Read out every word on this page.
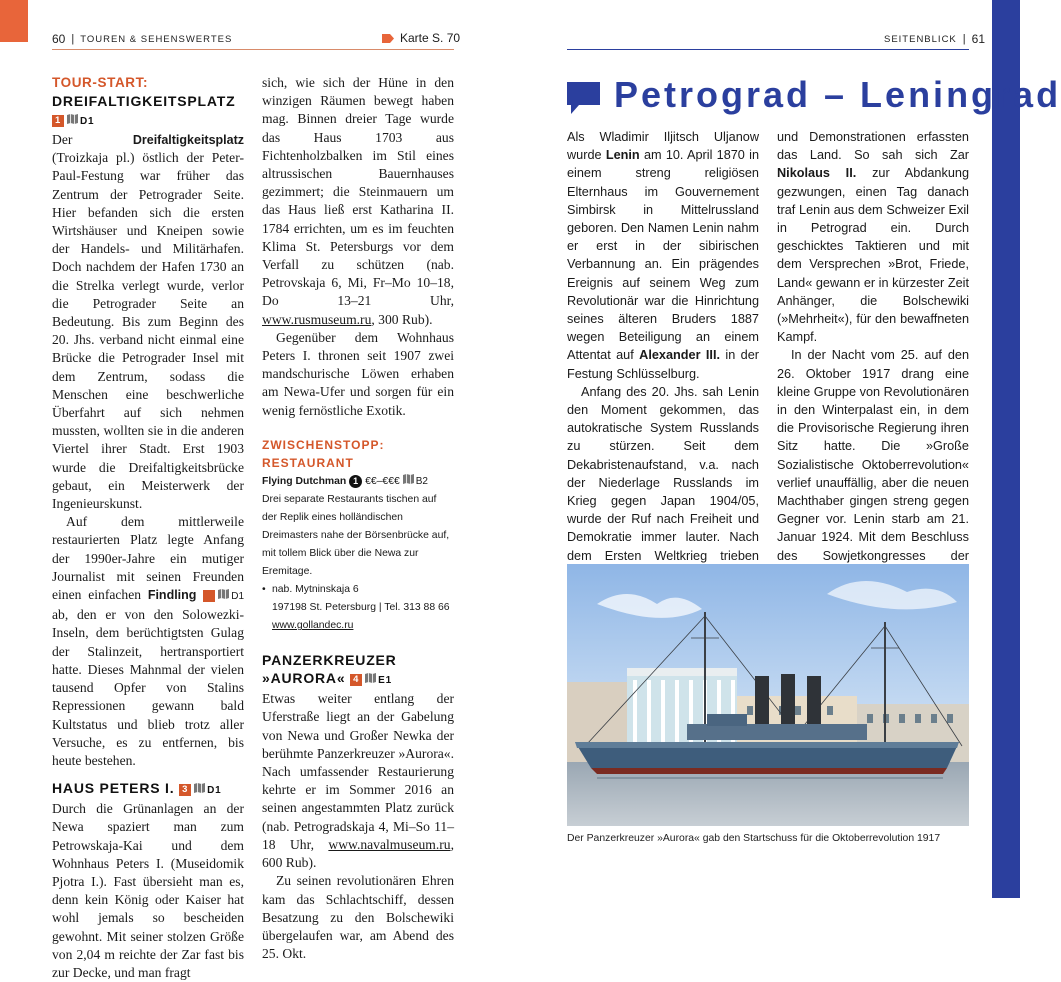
60 | TOUREN & SEHENSWERTES	Karte S. 70	SEITENBLICK | 61
TOUR-START:
DREIFALTIGKEITSPLATZ 1 D1

Der	Dreifaltigkeitsplatz (Troizkaja pl.) östlich der Peter-Paul-Festung war früher das Zentrum der Petrograder Seite. Hier befanden sich die ersten Wirtshäuser und Kneipen sowie der Handels- und Militärhafen. Doch nachdem der Hafen 1730 an die Strelka verlegt wurde, verlor die Petrograder Seite an Bedeutung. Bis zum Beginn des 20. Jhs. verband nicht einmal eine Brücke die Petrograder Insel mit dem Zentrum, sodass die Menschen eine beschwerliche Überfahrt auf sich nehmen mussten, wollten sie in die anderen Viertel ihrer Stadt. Erst 1903 wurde die Dreifaltigkeitsbrücke gebaut, ein Meisterwerk der Ingenieurskunst.

Auf dem mittlerweile restaurierten Platz legte Anfang der 1990er-Jahre ein mutiger Journalist mit seinen Freunden einen einfachen Findling	D1 ab, den er von den Solowezki-Inseln, dem berüchtigtsten Gulag der Stalinzeit, hertransportiert hatte. Dieses Mahnmal der vielen tausend Opfer von Stalins Repressionen gewann bald Kultstatus und blieb trotz aller Versuche, es zu entfernen, bis heute bestehen.

HAUS PETERS I. 3 D1

Durch die Grünanlagen an der Newa spaziert man zum Petrowskaja-Kai und dem Wohnhaus Peters I. (Museidomik Pjotra I.). Fast übersieht man es, denn kein König oder Kaiser hat wohl jemals so bescheiden gewohnt. Mit seiner stolzen Größe von 2,04 m reichte der Zar fast bis zur Decke, und man fragt

sich, wie sich der Hüne in den winzigen Räumen bewegt haben mag. Binnen dreier Tage wurde das Haus 1703 aus Fichtenholzbalken im Stil eines altrussischen Bauernhauses gezimmert; die Steinmauern um das Haus ließ erst Katharina II. 1784 errichten, um es im feuchten Klima St. Petersburgs vor dem Verfall zu schützen (nab. Petrovskaja 6, Mi, Fr–Mo 10–18, Do 13–21 Uhr, www.rusmuseum.ru, 300 Rub).

Gegenüber dem Wohnhaus Peters I. thronen seit 1907 zwei mandschurische Löwen erhaben am Newa-Ufer und sorgen für ein wenig fernöstliche Exotik.

ZWISCHENSTOPP: RESTAURANT
Flying Dutchman 1 €€–€€€ B2
Drei separate Restaurants tischen auf der Replik eines holländischen Dreimasters nahe der Börsenbrücke auf, mit tollem Blick über die Newa zur Eremitage.
• nab. Mytninskaja 6
197198 St. Petersburg | Tel. 313 88 66
www.gollandec.ru
PANZERKREUZER
»AURORA« 4 E1

Etwas weiter entlang der Uferstraße liegt an der Gabelung von Newa und Großer Newka der berühmte Panzerkreuzer »Aurora«. Nach umfassender Restaurierung kehrte er im Sommer 2016 an seinen angestammten Platz zurück (nab. Petrogradskaja 4, Mi–So 11–18 Uhr, www.navalmuseum.ru, 600 Rub).

Zu seinen revolutionären Ehren kam das Schlachtschiff, dessen Besatzung zu den Bolschewiki übergelaufen war, am Abend des 25. Okt.

Petrograd – Leningrad

Als Wladimir Iljitsch Uljanow wurde Lenin am 10. April 1870 in einem streng religiösen Elternhaus im Gouvernement Simbirsk in Mittelrussland geboren. Den Namen Lenin nahm er erst in der sibirischen Verbannung an. Ein prägendes Ereignis auf seinem Weg zum Revolutionär war die Hinrichtung seines älteren Bruders 1887 wegen Beteiligung an einem Attentat auf Alexander III. in der Festung Schlüsselburg.

Anfang des 20. Jhs. sah Lenin den Moment gekommen, das autokratische System Russlands zu stürzen. Seit dem Dekabristenaufstand, v.a. nach der Niederlage Russlands im Krieg gegen Japan 1904/05, wurde der Ruf nach Freiheit und Demokratie immer lauter. Nach dem Ersten Weltkrieg trieben

und Demonstrationen erfassten das Land. So sah sich Zar Nikolaus II. zur Abdankung gezwungen, einen Tag danach traf Lenin aus dem Schweizer Exil in Petrograd ein. Durch geschicktes Taktieren und mit dem Versprechen »Brot, Friede, Land« gewann er in kürzester Zeit Anhänger, die Bolschewiki (»Mehrheit«), für den bewaffneten Kampf.

In der Nacht vom 25. auf den 26. Oktober 1917 drang eine kleine Gruppe von Revolutionären in den Winterpalast ein, in dem die Provisorische Regierung ihren Sitz hatte. Die »Große Sozialistische Oktoberrevolution« verlief unauffällig, aber die neuen Machthaber gingen streng gegen Gegner vor. Lenin starb am 21. Januar 1924. Mit dem Beschluss des Sowjetkongresses der

Der Panzerkreuzer »Aurora« gab den Startschuss für die Oktoberrevolution 1917
